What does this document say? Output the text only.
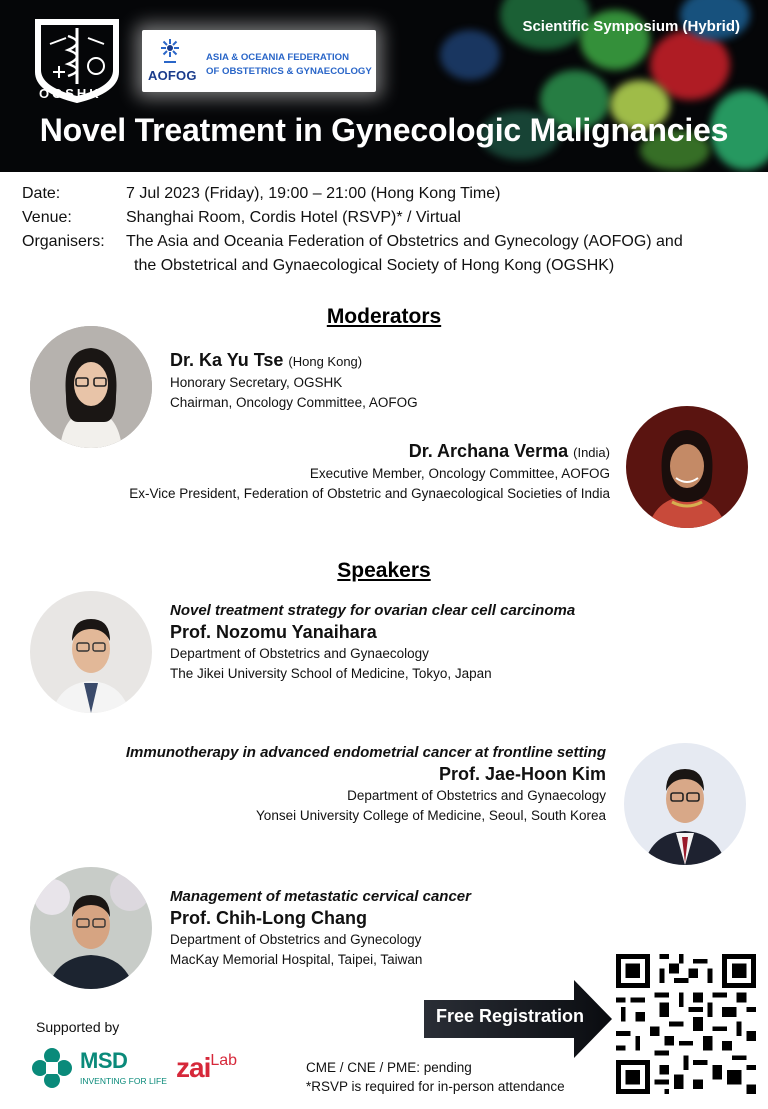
OGSHK
AOFOG
ASIA & OCEANIA FEDERATION
OF OBSTETRICS & GYNAECOLOGY
Scientific Symposium (Hybrid)
Novel Treatment in Gynecologic Malignancies
Date:	7 Jul 2023 (Friday), 19:00 – 21:00 (Hong Kong Time)
Venue:	Shanghai Room, Cordis Hotel (RSVP)* / Virtual
Organisers:	The Asia and Oceania Federation of Obstetrics and Gynecology (AOFOG) and
the Obstetrical and Gynaecological Society of Hong Kong (OGSHK)
Moderators
Dr. Ka Yu Tse (Hong Kong)
Honorary Secretary, OGSHK
Chairman, Oncology Committee, AOFOG
Dr. Archana Verma (India)
Executive Member, Oncology Committee, AOFOG
Ex-Vice President, Federation of Obstetric and Gynaecological Societies of India
Speakers
Novel treatment strategy for ovarian clear cell carcinoma
Prof. Nozomu Yanaihara
Department of Obstetrics and Gynaecology
The Jikei University School of Medicine, Tokyo, Japan
Immunotherapy in advanced endometrial cancer at frontline setting
Prof. Jae-Hoon Kim
Department of Obstetrics and Gynaecology
Yonsei University College of Medicine, Seoul, South Korea
Management of metastatic cervical cancer
Prof. Chih-Long Chang
Department of Obstetrics and Gynecology
MacKay Memorial Hospital, Taipei, Taiwan
Supported by
MSD
INVENTING FOR LIFE zai$^{Lab}$	CME / CNE / PME: pending
*RSVP is required for in-person attendance
Free Registration
